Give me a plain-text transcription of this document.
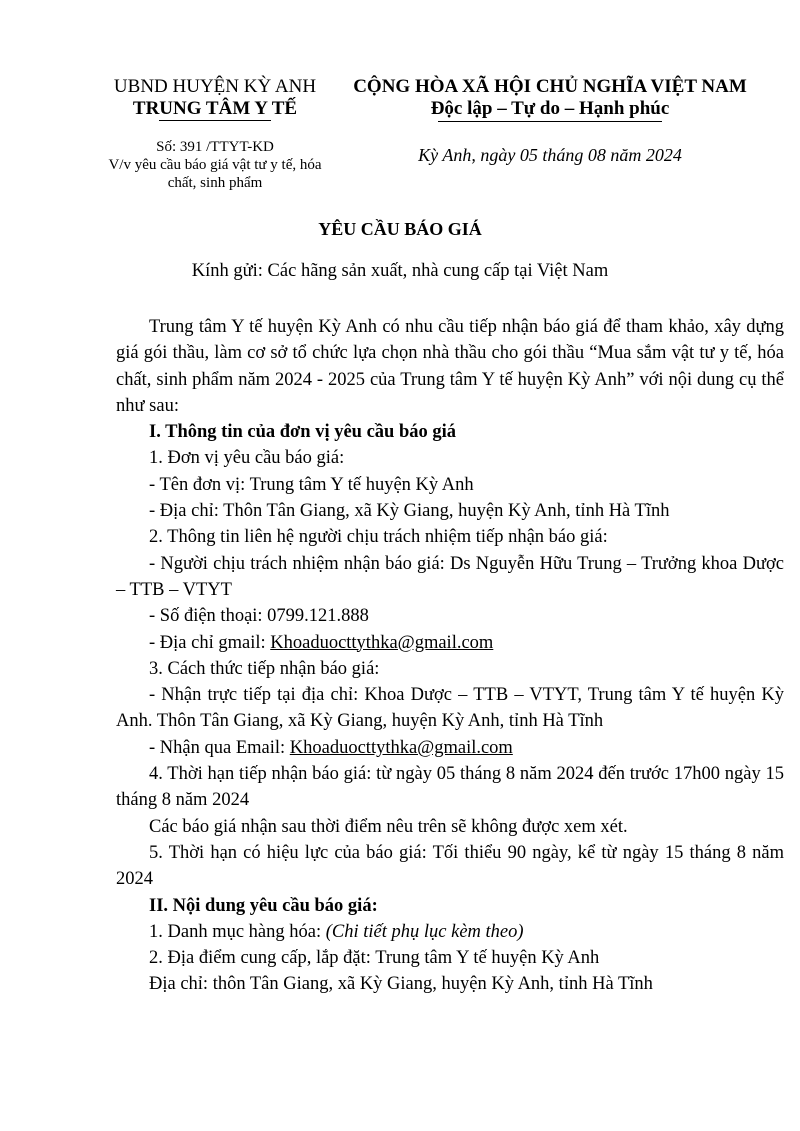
UBND HUYỆN KỲ ANH
TRUNG TÂM Y TẾ
Số: 391 /TTYT-KD
V/v yêu cầu báo giá vật tư y tế, hóa
chất, sinh phẩm
CỘNG HÒA XÃ HỘI CHỦ NGHĨA VIỆT NAM
Độc lập – Tự do – Hạnh phúc
Kỳ Anh, ngày 05 tháng 08 năm 2024
YÊU CẦU BÁO GIÁ
Kính gửi: Các hãng sản xuất, nhà cung cấp tại Việt Nam

Trung tâm Y tế huyện Kỳ Anh có nhu cầu tiếp nhận báo giá để tham khảo, xây dựng giá gói thầu, làm cơ sở tổ chức lựa chọn nhà thầu cho gói thầu “Mua sắm vật tư y tế, hóa chất, sinh phẩm năm 2024 - 2025 của Trung tâm Y tế huyện Kỳ Anh” với nội dung cụ thể như sau:

I. Thông tin của đơn vị yêu cầu báo giá

1. Đơn vị yêu cầu báo giá:

- Tên đơn vị: Trung tâm Y tế huyện Kỳ Anh

- Địa chỉ: Thôn Tân Giang, xã Kỳ Giang, huyện Kỳ Anh, tỉnh Hà Tĩnh

2. Thông tin liên hệ người chịu trách nhiệm tiếp nhận báo giá:

- Người chịu trách nhiệm nhận báo giá: Ds Nguyễn Hữu Trung – Trưởng khoa Dược – TTB – VTYT

- Số điện thoại: 0799.121.888

- Địa chỉ gmail: Khoaduocttythka@gmail.com

3. Cách thức tiếp nhận báo giá:

- Nhận trực tiếp tại địa chỉ: Khoa Dược – TTB – VTYT, Trung tâm Y tế huyện Kỳ Anh. Thôn Tân Giang, xã Kỳ Giang, huyện Kỳ Anh, tỉnh Hà Tĩnh

- Nhận qua Email: Khoaduocttythka@gmail.com

4. Thời hạn tiếp nhận báo giá: từ ngày 05 tháng 8 năm 2024 đến trước 17h00 ngày 15 tháng 8 năm 2024

Các báo giá nhận sau thời điểm nêu trên sẽ không được xem xét.

5. Thời hạn có hiệu lực của báo giá: Tối thiểu 90 ngày, kể từ ngày 15 tháng 8 năm 2024

II. Nội dung yêu cầu báo giá:

1. Danh mục hàng hóa: (Chi tiết phụ lục kèm theo)

2. Địa điểm cung cấp, lắp đặt: Trung tâm Y tế huyện Kỳ Anh

Địa chỉ: thôn Tân Giang, xã Kỳ Giang, huyện Kỳ Anh, tỉnh Hà Tĩnh
